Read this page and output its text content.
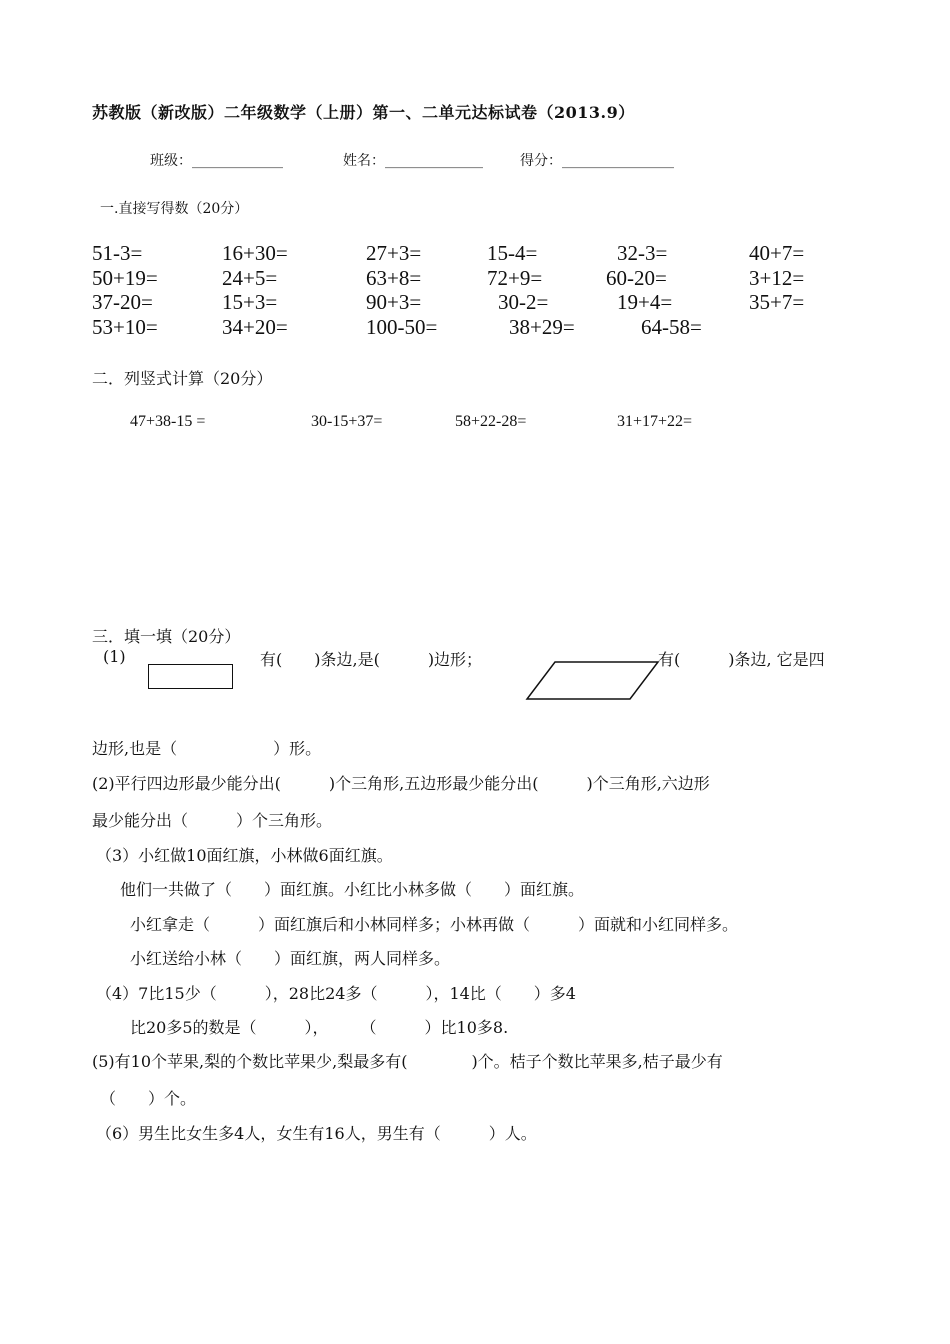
苏教版（新改版）二年级数学（上册）第一、二单元达标试卷（2013.9）
班级：_____________	姓名：______________	得分：________________
一.直接写得数（20分）
51-3=	16+30=	27+3=	15-4=	32-3=	40+7=
50+19=	24+5=	63+8=	72+9=	60-20=	3+12=
37-20=	15+3=	90+3=	30-2=	19+4=	35+7=
53+10=	34+20=	100-50=	38+29=	64-58=
二．列竖式计算（20分）
47+38-15 =	30-15+37=	58+22-28=	31+17+22=
三．填一填（20分）
(1)	有(　　)条边,是(　　　)边形；	有(　　　)条边, 它是四
边形,也是（　　　　　　）形。
(2)平行四边形最少能分出(　　　)个三角形,五边形最少能分出(　　　)个三角形,六边形
最少能分出（　　　）个三角形。
（3）小红做10面红旗，小林做6面红旗。
他们一共做了（　　）面红旗。小红比小林多做（　　）面红旗。
小红拿走（　　　）面红旗后和小林同样多；小林再做（　　　）面就和小红同样多。
小红送给小林（　　）面红旗，两人同样多。
（4）7比15少（　　　），28比24多（　　　），14比（　　）多4
比20多5的数是（　　　），　　　（　　　）比10多8.
(5)有10个苹果,梨的个数比苹果少,梨最多有(　　　　)个。桔子个数比苹果多,桔子最少有
（　　）个。
（6）男生比女生多4人，女生有16人，男生有（　　　）人。
